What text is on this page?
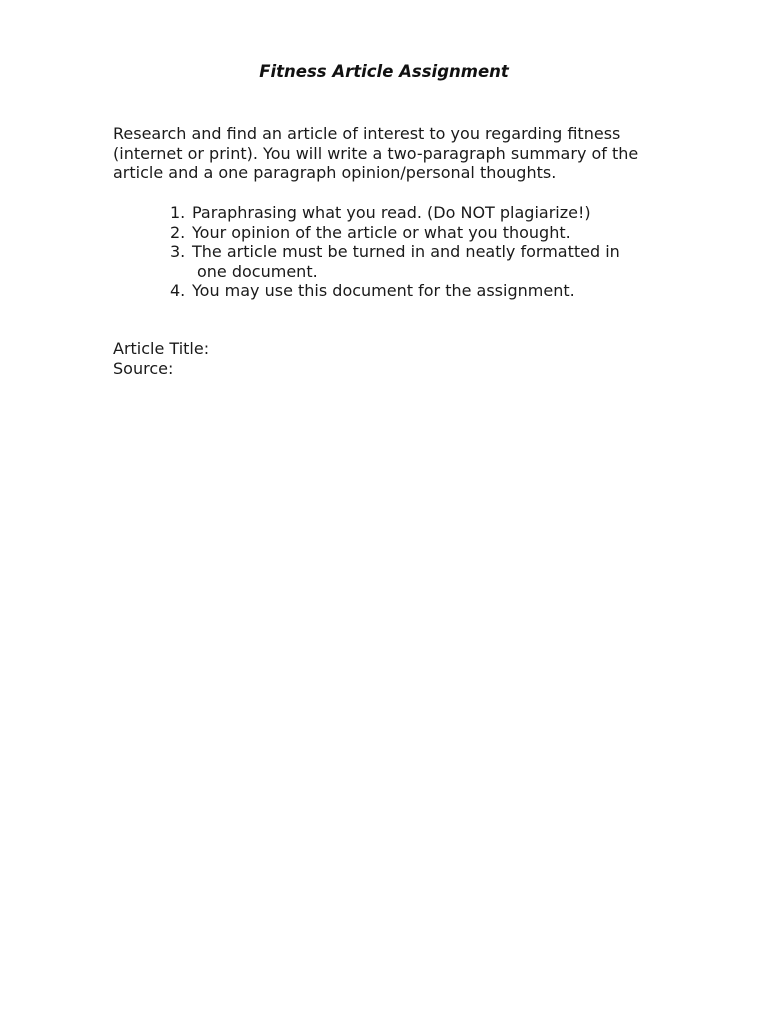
Fitness Article Assignment
Research and find an article of interest to you regarding fitness
(internet or print). You will write a two-paragraph summary of the
article and a one paragraph opinion/personal thoughts.
1. Paraphrasing what you read. (Do NOT plagiarize!)
2. Your opinion of the article or what you thought.
3. The article must be turned in and neatly formatted in
one document.
4. You may use this document for the assignment.
Article Title:
Source:
